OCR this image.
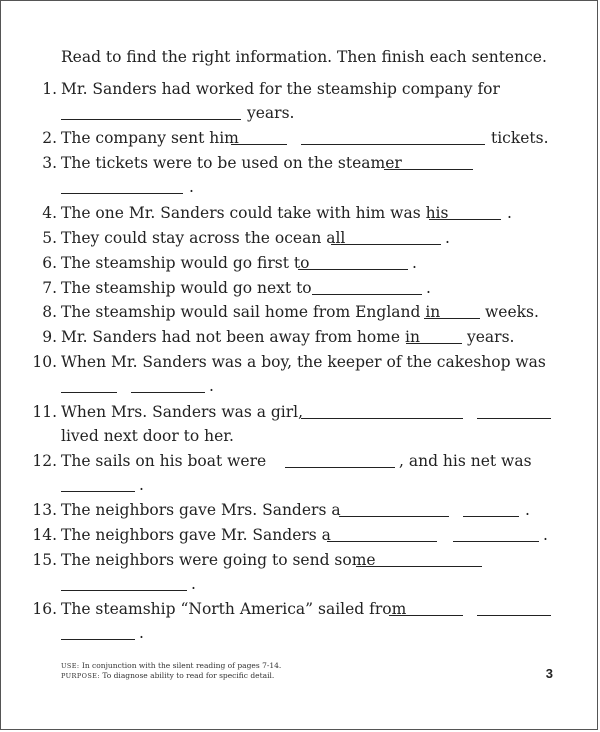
Read to find the right information. Then finish each sentence.
1. Mr. Sanders had worked for the steamship company for
years.
2. The company sent him	tickets.
3. The tickets were to be used on the steamer
.
4. The one Mr. Sanders could take with him was his	.
5. They could stay across the ocean all	.
6. The steamship would go first to	.
7. The steamship would go next to	.
8. The steamship would sail home from England in	weeks.
9. Mr. Sanders had not been away from home in	years.
10. When Mr. Sanders was a boy, the keeper of the cakeshop was
.
11. When Mrs. Sanders was a girl,
lived next door to her.
12. The sails on his boat were	, and his net was
.
13. The neighbors gave Mrs. Sanders a	.
14. The neighbors gave Mr. Sanders a	.
15. The neighbors were going to send some
.
16. The steamship “North America” sailed from
.
USE: In conjunction with the silent reading of pages 7-14.
PURPOSE: To diagnose ability to read for specific detail.	3
